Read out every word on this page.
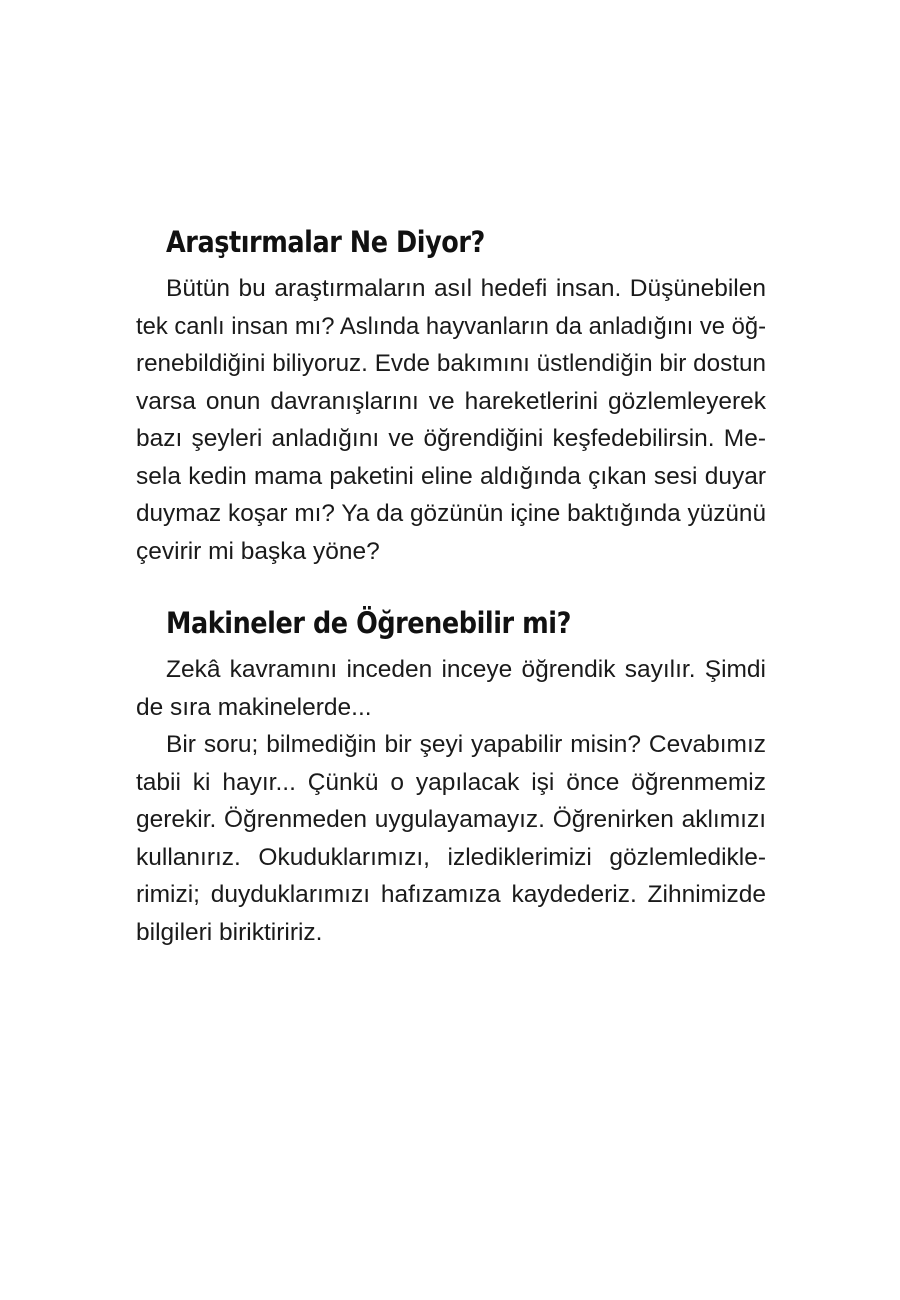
Araştırmalar Ne Diyor?
Bütün bu araştırmaların asıl hedefi insan. Düşünebilen
tek canlı insan mı? Aslında hayvanların da anladığını ve öğ-
renebildiğini biliyoruz. Evde bakımını üstlendiğin bir dostun
varsa onun davranışlarını ve hareketlerini gözlemleyerek
bazı şeyleri anladığını ve öğrendiğini keşfedebilirsin. Me-
sela kedin mama paketini eline aldığında çıkan sesi duyar
duymaz koşar mı? Ya da gözünün içine baktığında yüzünü
çevirir mi başka yöne?
Makineler de Öğrenebilir mi?
Zekâ kavramını inceden inceye öğrendik sayılır. Şimdi
de sıra makinelerde...
Bir soru; bilmediğin bir şeyi yapabilir misin? Cevabımız
tabii ki hayır... Çünkü o yapılacak işi önce öğrenmemiz
gerekir. Öğrenmeden uygulayamayız. Öğrenirken aklımızı
kullanırız. Okuduklarımızı, izlediklerimizi gözlemledikle-
rimizi; duyduklarımızı hafızamıza kaydederiz. Zihnimizde
bilgileri biriktiririz.
